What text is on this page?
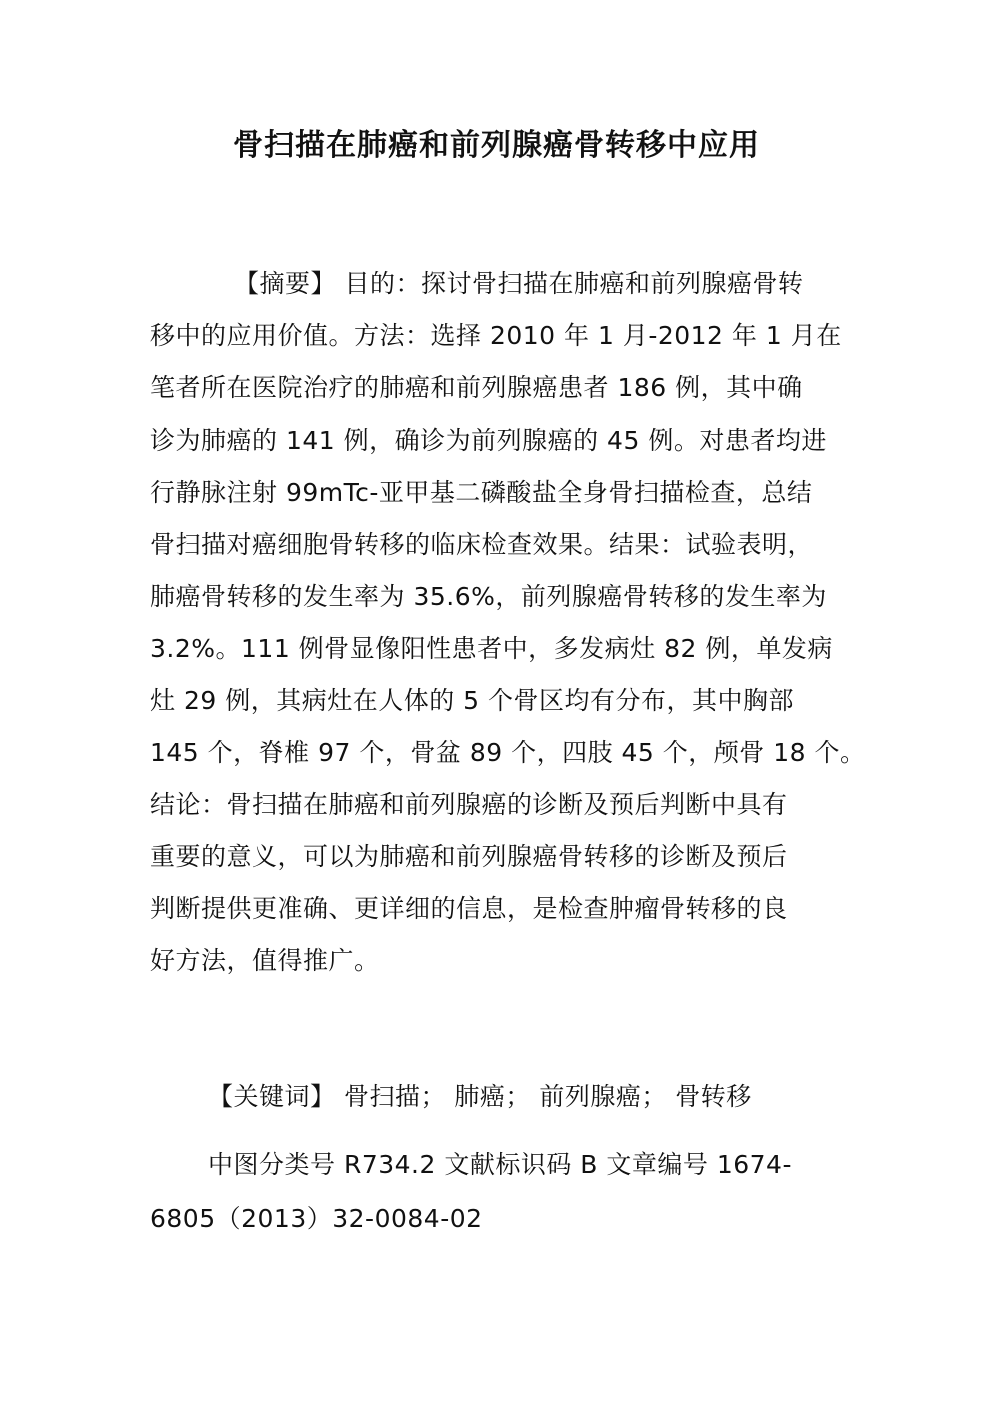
骨扫描在肺癌和前列腺癌骨转移中应用
【摘要】 目的：探讨骨扫描在肺癌和前列腺癌骨转
移中的应用价值。方法：选择 2010 年 1 月-2012 年 1 月在
笔者所在医院治疗的肺癌和前列腺癌患者 186 例，其中确
诊为肺癌的 141 例，确诊为前列腺癌的 45 例。对患者均进
行静脉注射 99mTc-亚甲基二磷酸盐全身骨扫描检查，总结
骨扫描对癌细胞骨转移的临床检查效果。结果：试验表明，
肺癌骨转移的发生率为 35.6%，前列腺癌骨转移的发生率为
3.2%。111 例骨显像阳性患者中，多发病灶 82 例，单发病
灶 29 例，其病灶在人体的 5 个骨区均有分布，其中胸部
145 个，脊椎 97 个，骨盆 89 个，四肢 45 个，颅骨 18 个。
结论：骨扫描在肺癌和前列腺癌的诊断及预后判断中具有
重要的意义，可以为肺癌和前列腺癌骨转移的诊断及预后
判断提供更准确、更详细的信息，是检查肿瘤骨转移的良
好方法，值得推广。
【关键词】 骨扫描； 肺癌； 前列腺癌； 骨转移
中图分类号 R734.2 文献标识码 B 文章编号 1674-
6805（2013）32-0084-02
